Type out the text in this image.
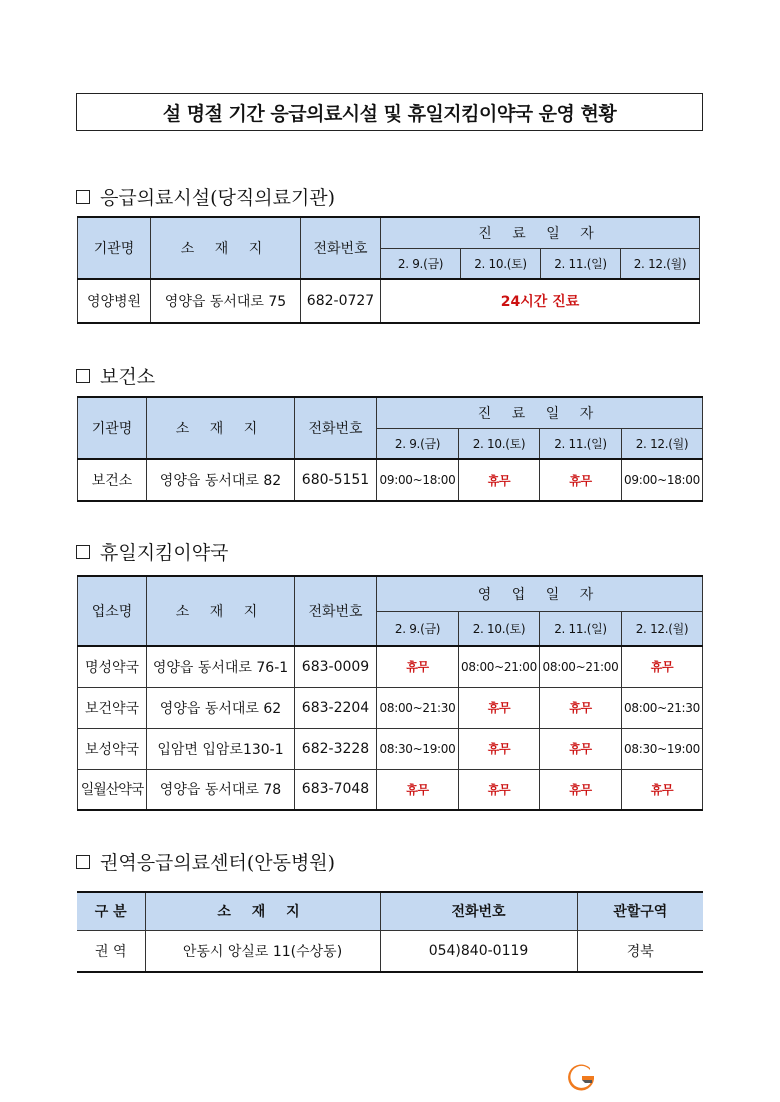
설 명절 기간 응급의료시설 및 휴일지킴이약국 운영 현황
응급의료시설(당직의료기관)
기관명	소 재 지	전화번호	진 료 일 자			
			2. 9.(금)	2. 10.(토)	2. 11.(일)	2. 12.(월)
영양병원	영양읍 동서대로 75	682-0727	24시간 진료			
보건소
기관명	소 재 지	전화번호	진 료 일 자			
			2. 9.(금)	2. 10.(토)	2. 11.(일)	2. 12.(월)
보건소	영양읍 동서대로 82	680-5151	09:00~18:00	휴무	휴무	09:00~18:00
휴일지킴이약국
업소명	소 재 지	전화번호	영 업 일 자			
			2. 9.(금)	2. 10.(토)	2. 11.(일)	2. 12.(월)
명성약국	영양읍 동서대로 76-1	683-0009	휴무	08:00~21:00	08:00~21:00	휴무
보건약국	영양읍 동서대로 62	683-2204	08:00~21:30	휴무	휴무	08:00~21:30
보성약국	입암면 입암로130-1	682-3228	08:30~19:00	휴무	휴무	08:30~19:00
일월산약국	영양읍 동서대로 78	683-7048	휴무	휴무	휴무	휴무
권역응급의료센터(안동병원)
구 분	소 재 지	전화번호	관할구역
권 역	안동시 앙실로 11(수상동)	054)840-0119	경북
